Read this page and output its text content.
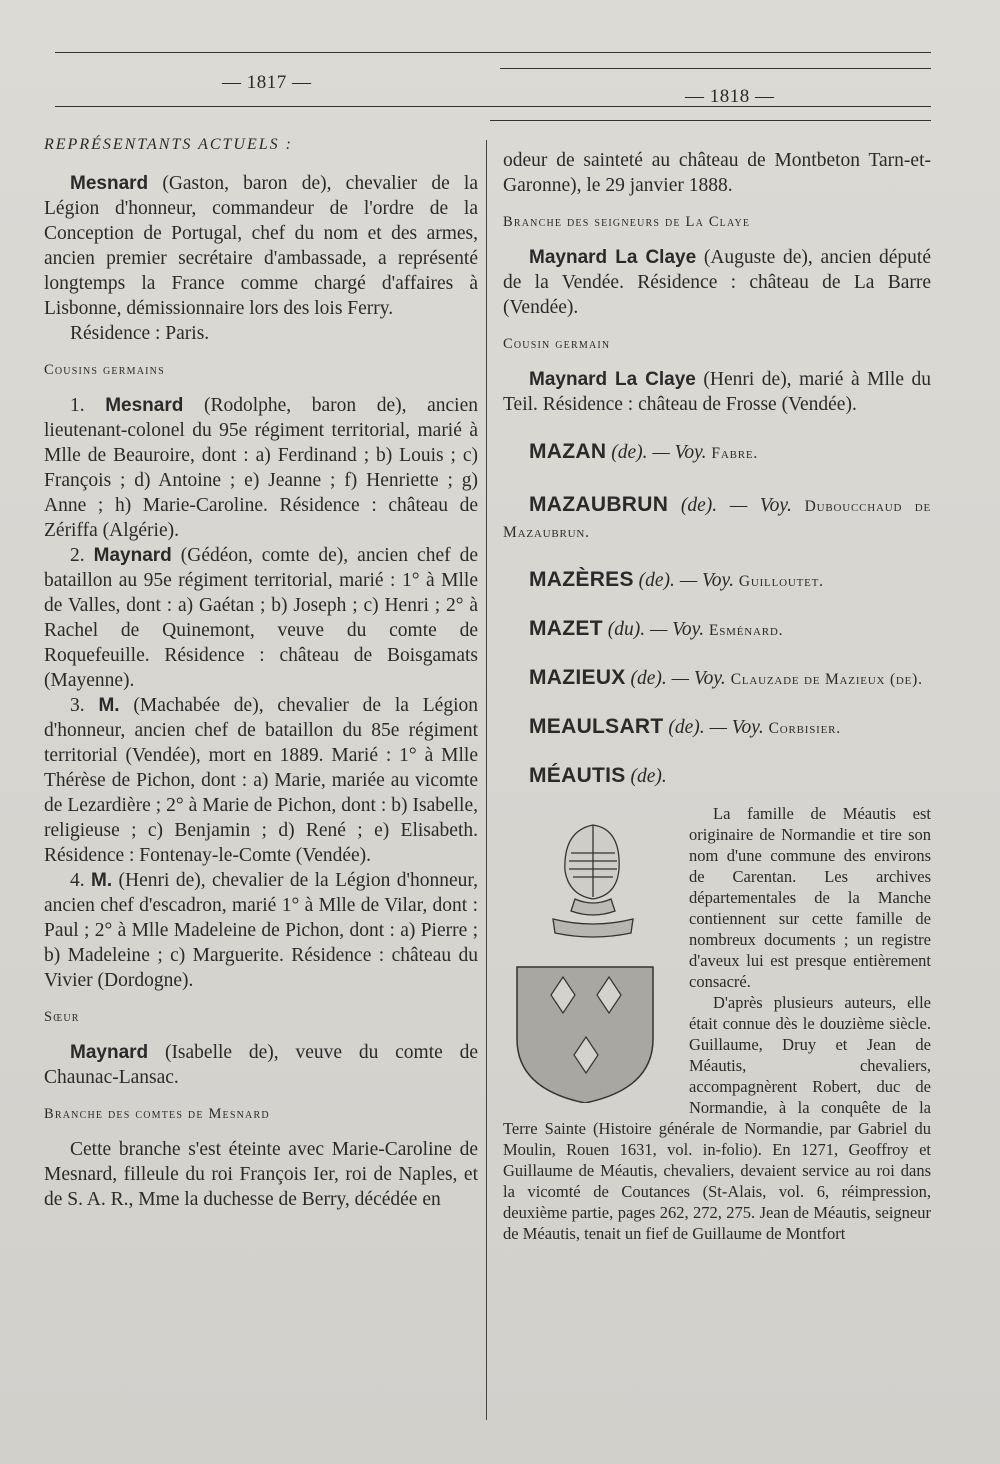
— 1817 —
— 1818 —

REPRÉSENTANTS ACTUELS :

Mesnard (Gaston, baron de), chevalier de la Légion d'honneur, commandeur de l'ordre de la Conception de Portugal, chef du nom et des armes, ancien premier secrétaire d'ambassade, a représenté longtemps la France comme chargé d'affaires à Lisbonne, démissionnaire lors des lois Ferry.

Résidence : Paris.

Cousins germains

1. Mesnard (Rodolphe, baron de), ancien lieutenant-colonel du 95e régiment territorial, marié à Mlle de Beauroire, dont : a) Ferdinand ; b) Louis ; c) François ; d) Antoine ; e) Jeanne ; f) Henriette ; g) Anne ; h) Marie-Caroline. Résidence : château de Zériffa (Algérie).

2. Maynard (Gédéon, comte de), ancien chef de bataillon au 95e régiment territorial, marié : 1° à Mlle de Valles, dont : a) Gaétan ; b) Joseph ; c) Henri ; 2° à Rachel de Quinemont, veuve du comte de Roquefeuille. Résidence : château de Boisgamats (Mayenne).

3. M. (Machabée de), chevalier de la Légion d'honneur, ancien chef de bataillon du 85e régiment territorial (Vendée), mort en 1889. Marié : 1° à Mlle Thérèse de Pichon, dont : a) Marie, mariée au vicomte de Lezardière ; 2° à Marie de Pichon, dont : b) Isabelle, religieuse ; c) Benjamin ; d) René ; e) Elisabeth. Résidence : Fontenay-le-Comte (Vendée).

4. M. (Henri de), chevalier de la Légion d'honneur, ancien chef d'escadron, marié 1° à Mlle de Vilar, dont : Paul ; 2° à Mlle Madeleine de Pichon, dont : a) Pierre ; b) Madeleine ; c) Marguerite. Résidence : château du Vivier (Dordogne).

Sœur

Maynard (Isabelle de), veuve du comte de Chaunac-Lansac.

Branche des comtes de Mesnard

Cette branche s'est éteinte avec Marie-Caroline de Mesnard, filleule du roi François Ier, roi de Naples, et de S. A. R., Mme la duchesse de Berry, décédée en

odeur de sainteté au château de Montbeton Tarn-et-Garonne), le 29 janvier 1888.

Branche des seigneurs de La Claye

Maynard La Claye (Auguste de), ancien député de la Vendée. Résidence : château de La Barre (Vendée).

Cousin germain

Maynard La Claye (Henri de), marié à Mlle du Teil. Résidence : château de Frosse (Vendée).

MAZAN (de). — Voy. Fabre.

MAZAUBRUN (de). — Voy. Duboucchaud de Mazaubrun.

MAZÈRES (de). — Voy. Guilloutet.

MAZET (du). — Voy. Esménard.

MAZIEUX (de). — Voy. Clauzade de Mazieux (de).

MEAULSART (de). — Voy. Corbisier.

MÉAUTIS (de).

La famille de Méautis est originaire de Normandie et tire son nom d'une commune des environs de Carentan. Les archives départementales de la Manche contiennent sur cette famille de nombreux documents ; un registre d'aveux lui est presque entièrement consacré.

D'après plusieurs auteurs, elle était connue dès le douzième siècle. Guillaume, Druy et Jean de Méautis, chevaliers, accompagnèrent Robert, duc de Normandie, à la conquête de la Terre Sainte (Histoire générale de Normandie, par Gabriel du Moulin, Rouen 1631, vol. in-folio). En 1271, Geoffroy et Guillaume de Méautis, chevaliers, devaient service au roi dans la vicomté de Coutances (St-Alais, vol. 6, réimpression, deuxième partie, pages 262, 272, 275. Jean de Méautis, seigneur de Méautis, tenait un fief de Guillaume de Montfort
